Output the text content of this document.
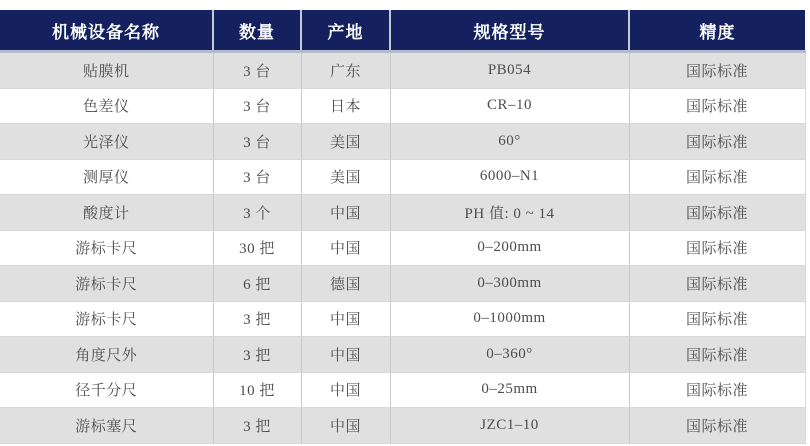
机械设备名称	数量	产地	规格型号	精度
贴膜机	3 台	广东	PB054	国际标准
色差仪	3 台	日本	CR–10	国际标准
光泽仪	3 台	美国	60°	国际标准
测厚仪	3 台	美国	6000–N1	国际标准
酸度计	3 个	中国	PH 值: 0 ~ 14	国际标准
游标卡尺	30 把	中国	0–200mm	国际标准
游标卡尺	6 把	德国	0–300mm	国际标准
游标卡尺	3 把	中国	0–1000mm	国际标准
角度尺外	3 把	中国	0–360°	国际标准
径千分尺	10 把	中国	0–25mm	国际标准
游标塞尺	3 把	中国	JZC1–10	国际标准
